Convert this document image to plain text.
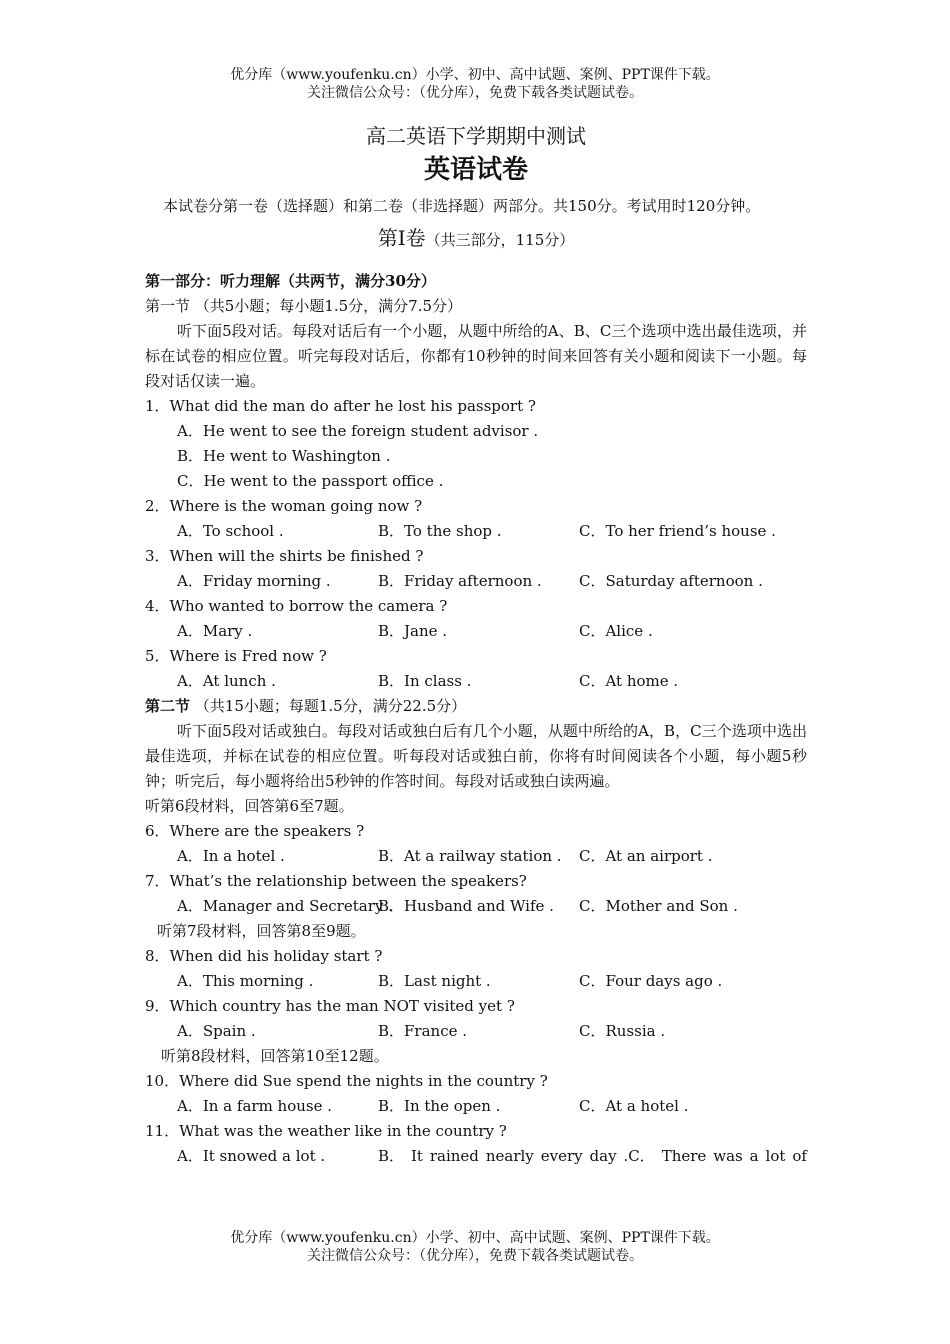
优分库（www.youfenku.cn）小学、初中、高中试题、案例、PPT课件下载。
关注微信公众号：（优分库），免费下载各类试题试卷。
高二英语下学期期中测试
英语试卷
本试卷分第一卷（选择题）和第二卷（非选择题）两部分。共150分。考试用时120分钟。
第Ⅰ卷（共三部分，115分）
第一部分：听力理解（共两节，满分30分）
第一节 （共5小题；每小题1.5分，满分7.5分）
听下面5段对话。每段对话后有一个小题，从题中所给的A、B、C三个选项中选出最佳选项，并标在试卷的相应位置。听完每段对话后，你都有10秒钟的时间来回答有关小题和阅读下一小题。每段对话仅读一遍。
1．What did the man do after he lost his passport ?
A．He went to see the foreign student advisor .
B．He went to Washington .
C．He went to the passport office .
2．Where is the woman going now ?
A．To school .	B．To the shop .	C．To her friend’s house .
3．When will the shirts be finished ?
A．Friday morning .	B．Friday afternoon . C．Saturday afternoon .
4．Who wanted to borrow the camera ?
A．Mary .	B．Jane .	C．Alice .
5．Where is Fred now ?
A．At lunch .	B．In class .	C．At home .
第二节 （共15小题；每题1.5分，满分22.5分）
听下面5段对话或独白。每段对话或独白后有几个小题，从题中所给的A，B，C三个选项中选出最佳选项，并标在试卷的相应位置。听每段对话或独白前，你将有时间阅读各个小题，每小题5秒钟；听完后，每小题将给出5秒钟的作答时间。每段对话或独白读两遍。
听第6段材料，回答第6至7题。
6．Where are the speakers ?
A．In a hotel .	B．At a railway station . C．At an airport .
7．What’s the relationship between the speakers?
A．Manager and Secretary .
B．Husband and Wife . C．Mother and Son .
听第7段材料，回答第8至9题。
8．When did his holiday start ?
A．This morning .	B．Last night .	C．Four days ago .
9．Which country has the man NOT visited yet ?
A．Spain .	B．France .	C．Russia .
听第8段材料，回答第10至12题。
10．Where did Sue spend the nights in the country ?
A．In a farm house .	B．In the open .	C．At a hotel .
11．What was the weather like in the country ?
A．It snowed a lot .	B． It rained nearly every day .C． There was a lot of
优分库（www.youfenku.cn）小学、初中、高中试题、案例、PPT课件下载。
关注微信公众号：（优分库），免费下载各类试题试卷。
